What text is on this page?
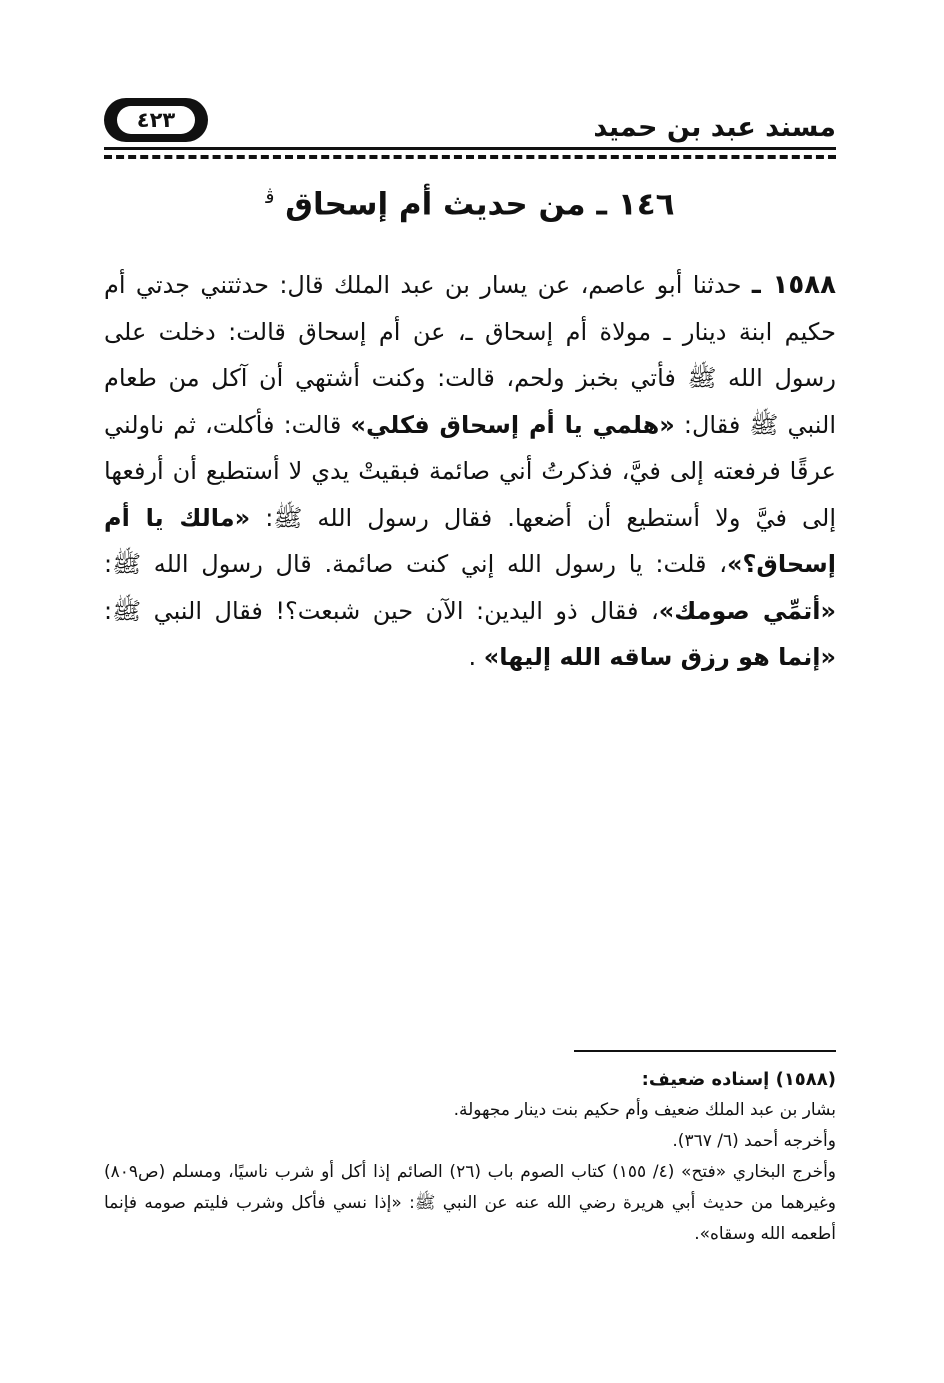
مسند عبد بن حميد
٤٢٣
١٤٦ ـ من حديث أم إسحاق $^ﭬ$
١٥٨٨ ـ حدثنا أبو عاصم، عن يسار بن عبد الملك قال: حدثتني جدتي أم حكيم ابنة دينار ـ مولاة أم إسحاق ـ، عن أم إسحاق قالت: دخلت على رسول الله ﷺ فأتي بخبز ولحم، قالت: وكنت أشتهي أن آكل من طعام النبي ﷺ فقال: «هلمي يا أم إسحاق فكلي» قالت: فأكلت، ثم ناولني عرقًا فرفعته إلى فيَّ، فذكرتُ أني صائمة فبقيتْ يدي لا أستطيع أن أرفعها إلى فيَّ ولا أستطيع أن أضعها. فقال رسول الله ﷺ: «مالك يا أم إسحاق؟»، قلت: يا رسول الله إني كنت صائمة. قال رسول الله ﷺ: «أتمِّي صومك»، فقال ذو اليدين: الآن حين شبعت؟! فقال النبي ﷺ: «إنما هو رزق ساقه الله إليها» .

(١٥٨٨) إسناده ضعيف:

بشار بن عبد الملك ضعيف وأم حكيم بنت دينار مجهولة.

وأخرجه أحمد (٦/ ٣٦٧).

وأخرج البخاري «فتح» (٤/ ١٥٥) كتاب الصوم باب (٢٦) الصائم إذا أكل أو شرب ناسيًا، ومسلم (ص٨٠٩) وغيرهما من حديث أبي هريرة رضي الله عنه عن النبي ﷺ: «إذا نسي فأكل وشرب فليتم صومه فإنما أطعمه الله وسقاه».
